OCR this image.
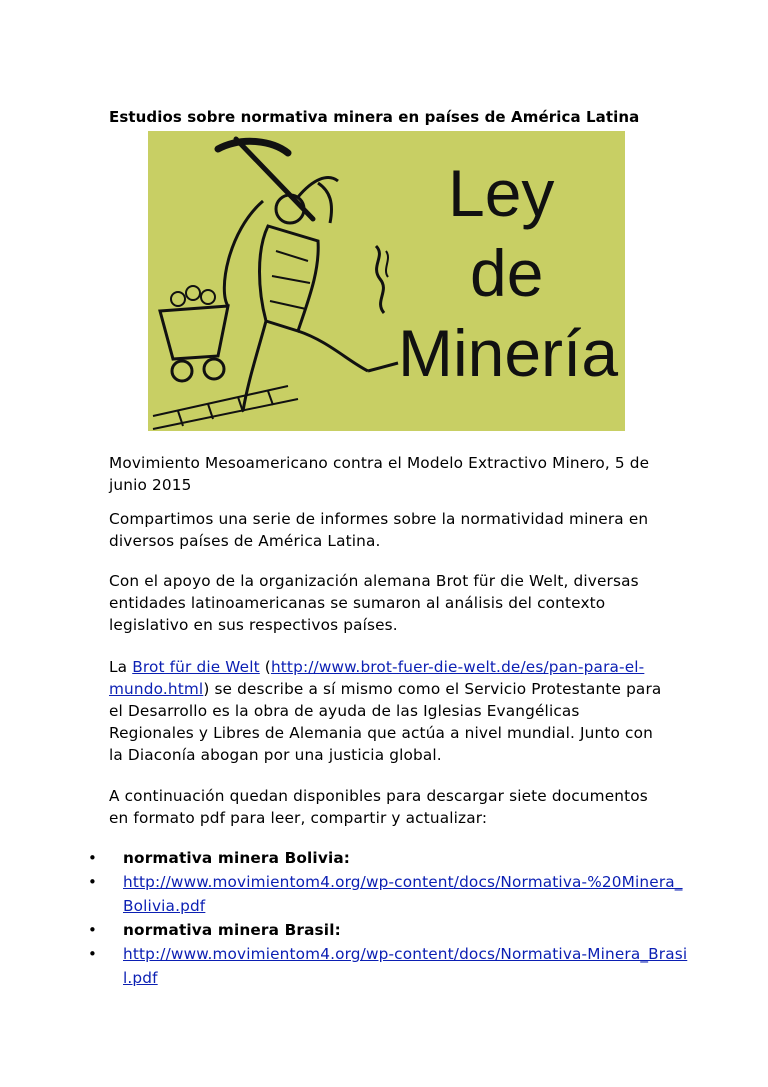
Estudios sobre normativa minera en países de América Latina
Ley
de
Minería
Movimiento Mesoamericano contra el Modelo Extractivo Minero, 5 de junio 2015
Compartimos una serie de informes sobre la normatividad minera en diversos países de América Latina.
Con el apoyo de la organización alemana Brot für die Welt, diversas entidades latinoamericanas se sumaron al análisis del contexto legislativo en sus respectivos países.
La Brot für die Welt (http://www.brot-fuer-die-welt.de/es/pan-para-el-mundo.html) se describe a sí mismo como el Servicio Protestante para el Desarrollo es la obra de ayuda de las Iglesias Evangélicas Regionales y Libres de Alemania que actúa a nivel mundial. Junto con la Diaconía abogan por una justicia global.
A continuación quedan disponibles para descargar siete documentos en formato pdf para leer, compartir y actualizar:
• normativa minera Bolivia:
• http://www.movimientom4.org/wp-content/docs/Normativa-%20Minera_Bolivia.pdf
• normativa minera Brasil:
• http://www.movimientom4.org/wp-content/docs/Normativa-Minera_Brasil.pdf
